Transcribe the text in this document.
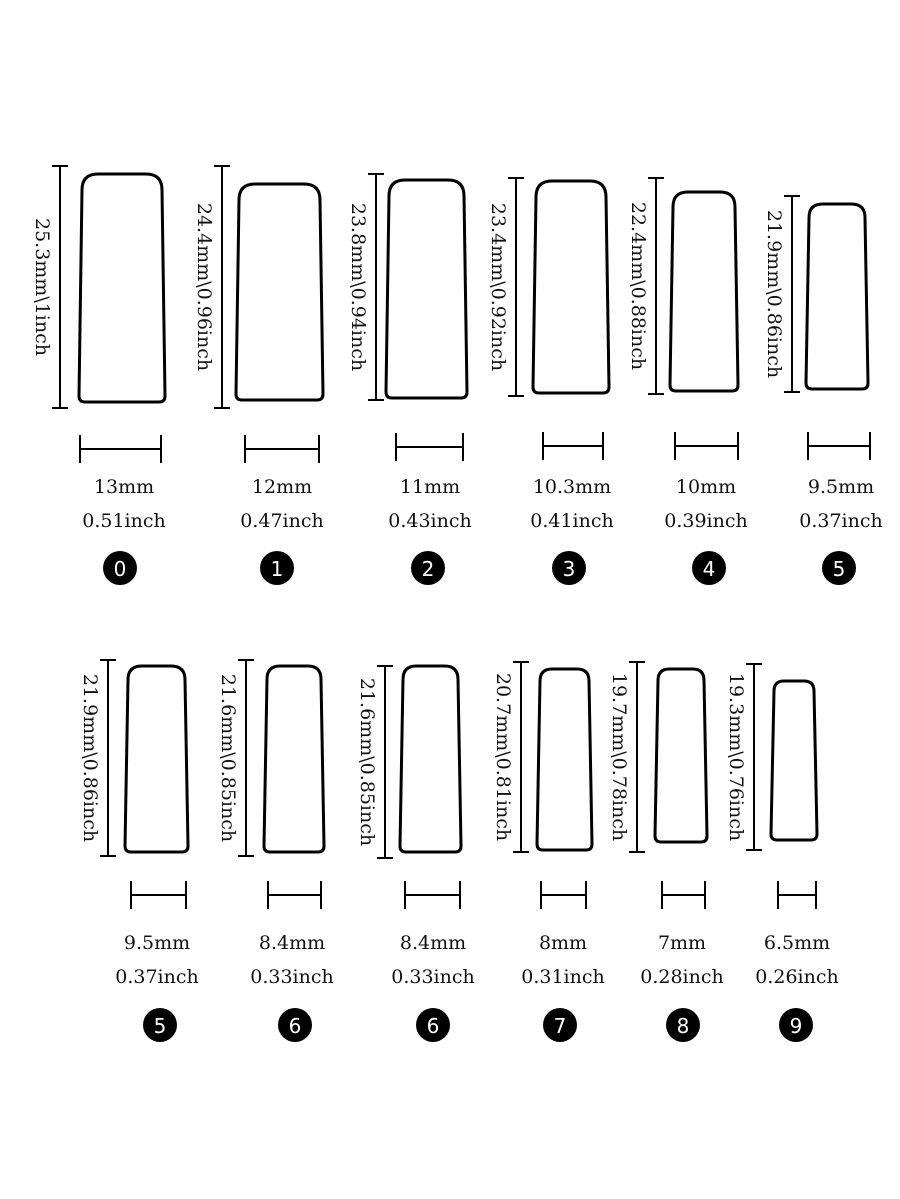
25.3mm\1inch
13mm
0.51inch
0
24.4mm\0.96inch
12mm
0.47inch
1
23.8mm\0.94inch
11mm
0.43inch
2
23.4mm\0.92inch
10.3mm
0.41inch
3
22.4mm\0.88inch
10mm
0.39inch
4
21.9mm\0.86inch
9.5mm
0.37inch
5
21.9mm\0.86inch
9.5mm
0.37inch
5
21.6mm\0.85inch
8.4mm
0.33inch
6
21.6mm\0.85inch
8.4mm
0.33inch
6
20.7mm\0.81inch
8mm
0.31inch
7
19.7mm\0.78inch
7mm
0.28inch
8
19.3mm\0.76inch
6.5mm
0.26inch
9
